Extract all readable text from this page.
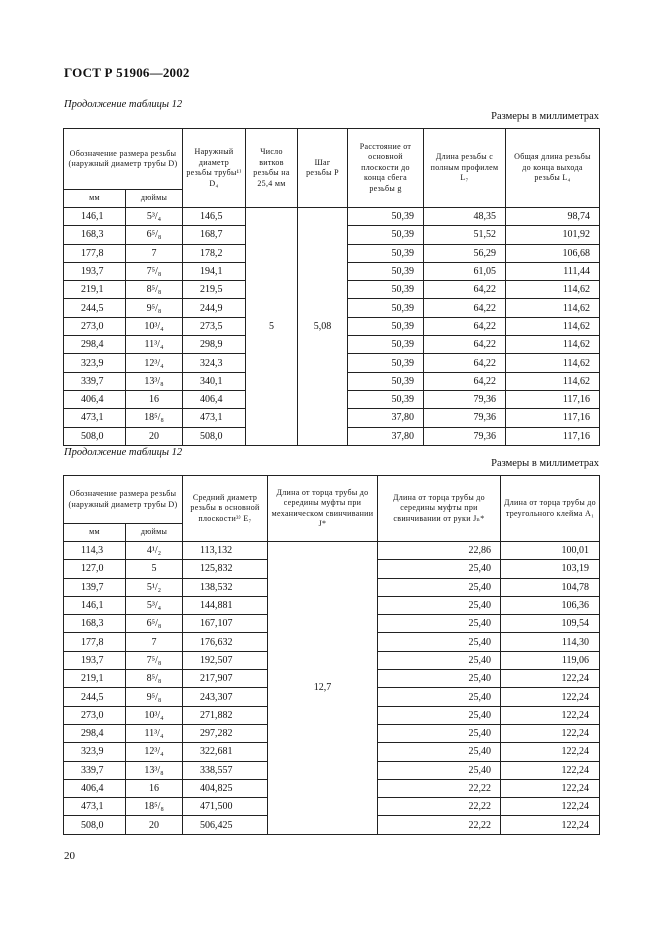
ГОСТ Р 51906—2002
Продолжение таблицы 12
Размеры в миллиметрах
Обозначение размера резьбы (наружный диаметр трубы D)		Наружный диаметр резьбы трубы¹⁾ D₄	Число витков резьбы на 25,4 мм	Шаг резьбы P	Расстояние от основной плоскости до конца сбега резьбы g	Длина резьбы с полным профилем L₇	Общая длина резьбы до конца выхода резьбы L₄
мм	дюймы						
146,1	5³/₄	146,5	5	5,08	50,39	48,35	98,74
168,3	6⁵/₈	168,7			50,39	51,52	101,92
177,8	7	178,2			50,39	56,29	106,68
193,7	7⁵/₈	194,1			50,39	61,05	111,44
219,1	8⁵/₈	219,5			50,39	64,22	114,62
244,5	9⁵/₈	244,9			50,39	64,22	114,62
273,0	10³/₄	273,5			50,39	64,22	114,62
298,4	11³/₄	298,9			50,39	64,22	114,62
323,9	12³/₄	324,3			50,39	64,22	114,62
339,7	13³/₈	340,1			50,39	64,22	114,62
406,4	16	406,4			50,39	79,36	117,16
473,1	18⁵/₈	473,1			37,80	79,36	117,16
508,0	20	508,0			37,80	79,36	117,16
Продолжение таблицы 12
Размеры в миллиметрах
Обозначение размера резьбы (наружный диаметр трубы D)		Средний диаметр резьбы в основной плоскости³⁾ E₇	Длина от торца трубы до середины муфты при механическом свинчивании J*	Длина от торца трубы до середины муфты при свинчивании от руки Jₙ*	Длина от торца трубы до треугольного клейма A₁
мм	дюймы				
114,3	4¹/₂	113,132	12,7	22,86	100,01
127,0	5	125,832		25,40	103,19
139,7	5¹/₂	138,532		25,40	104,78
146,1	5³/₄	144,881		25,40	106,36
168,3	6⁵/₈	167,107		25,40	109,54
177,8	7	176,632		25,40	114,30
193,7	7⁵/₈	192,507		25,40	119,06
219,1	8⁵/₈	217,907		25,40	122,24
244,5	9⁵/₈	243,307		25,40	122,24
273,0	10³/₄	271,882		25,40	122,24
298,4	11³/₄	297,282		25,40	122,24
323,9	12³/₄	322,681		25,40	122,24
339,7	13³/₈	338,557		25,40	122,24
406,4	16	404,825		22,22	122,24
473,1	18⁵/₈	471,500		22,22	122,24
508,0	20	506,425		22,22	122,24
20
